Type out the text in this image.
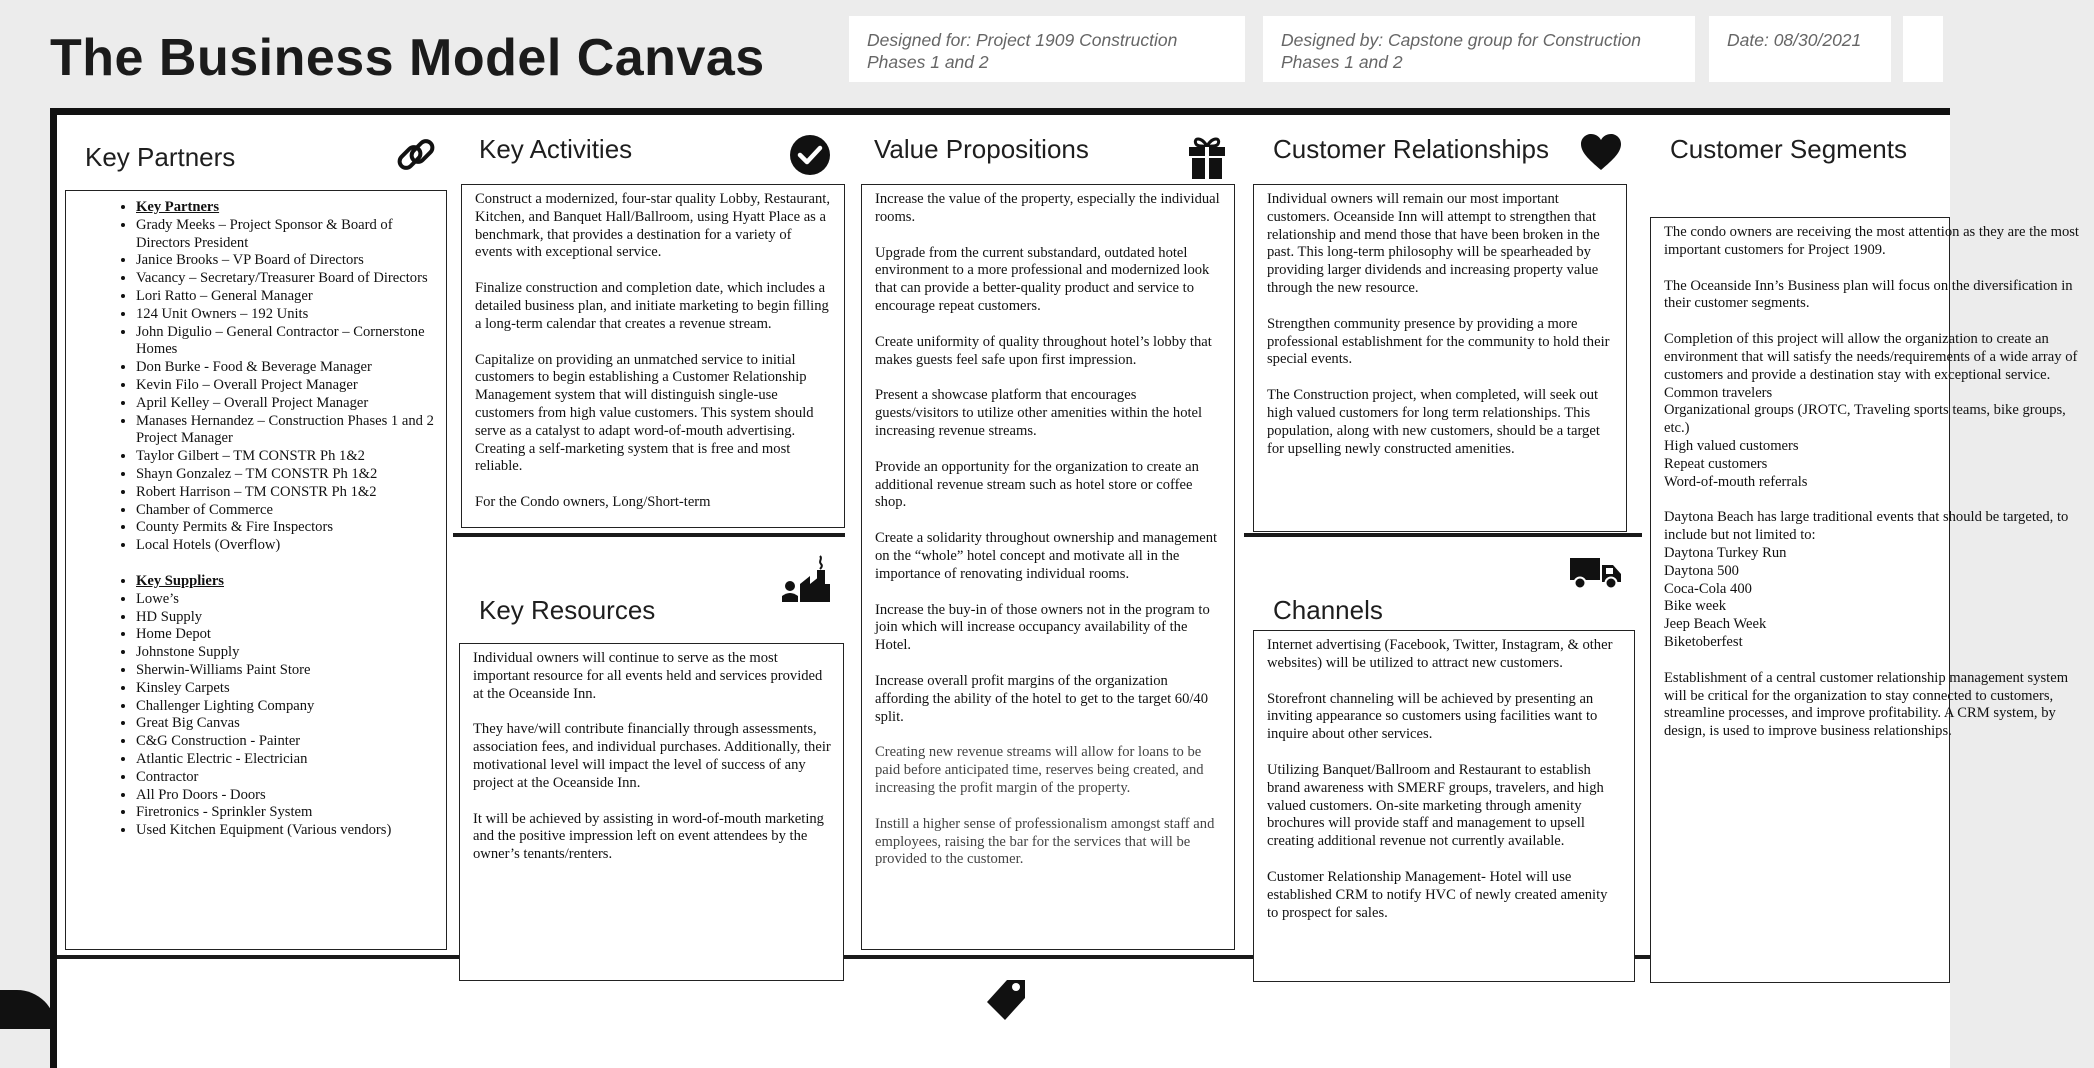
The Business Model Canvas	Designed for: Project 1909 Construction Phases 1 and 2
Designed by: Capstone group for Construction Phases 1 and 2
Date: 08/30/2021
Key Partners
• Key Partners
• Grady Meeks – Project Sponsor & Board of Directors President
• Janice Brooks – VP Board of Directors
• Vacancy – Secretary/Treasurer Board of Directors
• Lori Ratto – General Manager
• 124 Unit Owners – 192 Units
• John Digulio – General Contractor – Cornerstone Homes
• Don Burke - Food & Beverage Manager
• Kevin Filo – Overall Project Manager
• April Kelley – Overall Project Manager
• Manases Hernandez – Construction Phases 1 and 2 Project Manager
• Taylor Gilbert – TM CONSTR Ph 1&2
• Shayn Gonzalez – TM CONSTR Ph 1&2
• Robert Harrison – TM CONSTR Ph 1&2
• Chamber of Commerce
• County Permits & Fire Inspectors
• Local Hotels (Overflow)
• Key Suppliers
• Lowe’s
• HD Supply
• Home Depot
• Johnstone Supply
• Sherwin-Williams Paint Store
• Kinsley Carpets
• Challenger Lighting Company
• Great Big Canvas
• C&G Construction - Painter
• Atlantic Electric - Electrician
• Contractor
• All Pro Doors - Doors
• Firetronics - Sprinkler System
• Used Kitchen Equipment (Various vendors)
Key Activities

Construct a modernized, four-star quality Lobby, Restaurant, Kitchen, and Banquet Hall/Ballroom, using Hyatt Place as a benchmark, that provides a destination for a variety of events with exceptional service.

Finalize construction and completion date, which includes a detailed business plan, and initiate marketing to begin filling a long-term calendar that creates a revenue stream.

Capitalize on providing an unmatched service to initial customers to begin establishing a Customer Relationship Management system that will distinguish single-use customers from high value customers. This system should serve as a catalyst to adapt word-of-mouth advertising. Creating a self-marketing system that is free and most reliable.

For the Condo owners, Long/Short-term

Key Resources

Individual owners will continue to serve as the most important resource for all events held and services provided at the Oceanside Inn.

They have/will contribute financially through assessments, association fees, and individual purchases. Additionally, their motivational level will impact the level of success of any project at the Oceanside Inn.

It will be achieved by assisting in word-of-mouth marketing and the positive impression left on event attendees by the owner’s tenants/renters.

Value Propositions

Increase the value of the property, especially the individual rooms.

Upgrade from the current substandard, outdated hotel environment to a more professional and modernized look that can provide a better-quality product and service to encourage repeat customers.

Create uniformity of quality throughout hotel’s lobby that makes guests feel safe upon first impression.

Present a showcase platform that encourages guests/visitors to utilize other amenities within the hotel increasing revenue streams.

Provide an opportunity for the organization to create an additional revenue stream such as hotel store or coffee shop.

Create a solidarity throughout ownership and management on the “whole” hotel concept and motivate all in the importance of renovating individual rooms.

Increase the buy-in of those owners not in the program to join which will increase occupancy availability of the Hotel.

Increase overall profit margins of the organization affording the ability of the hotel to get to the target 60/40 split.

Creating new revenue streams will allow for loans to be paid before anticipated time, reserves being created, and increasing the profit margin of the property.

Instill a higher sense of professionalism amongst staff and employees, raising the bar for the services that will be provided to the customer.

Customer Relationships

Individual owners will remain our most important customers. Oceanside Inn will attempt to strengthen that relationship and mend those that have been broken in the past. This long-term philosophy will be spearheaded by providing larger dividends and increasing property value through the new resource.

Strengthen community presence by providing a more professional establishment for the community to hold their special events.

The Construction project, when completed, will seek out high valued customers for long term relationships. This population, along with new customers, should be a target for upselling newly constructed amenities.

Channels

Internet advertising (Facebook, Twitter, Instagram, & other websites) will be utilized to attract new customers.

Storefront channeling will be achieved by presenting an inviting appearance so customers using facilities want to inquire about other services.

Utilizing Banquet/Ballroom and Restaurant to establish brand awareness with SMERF groups, travelers, and high valued customers. On-site marketing through amenity brochures will provide staff and management to upsell creating additional revenue not currently available.

Customer Relationship Management- Hotel will use established CRM to notify HVC of newly created amenity to prospect for sales.

Customer Segments

The condo owners are receiving the most attention as they are the most important customers for Project 1909.

The Oceanside Inn’s Business plan will focus on the diversification in their customer segments.

Completion of this project will allow the organization to create an environment that will satisfy the needs/requirements of a wide array of customers and provide a destination stay with exceptional service.

Common travelers
Organizational groups (JROTC, Traveling sports teams, bike groups, etc.)
High valued customers
Repeat customers
Word-of-mouth referrals

Daytona Beach has large traditional events that should be targeted, to include but not limited to:

Daytona Turkey Run
Daytona 500
Coca-Cola 400
Bike week
Jeep Beach Week
Biketoberfest

Establishment of a central customer relationship management system will be critical for the organization to stay connected to customers, streamline processes, and improve profitability. A CRM system, by design, is used to improve business relationships.
